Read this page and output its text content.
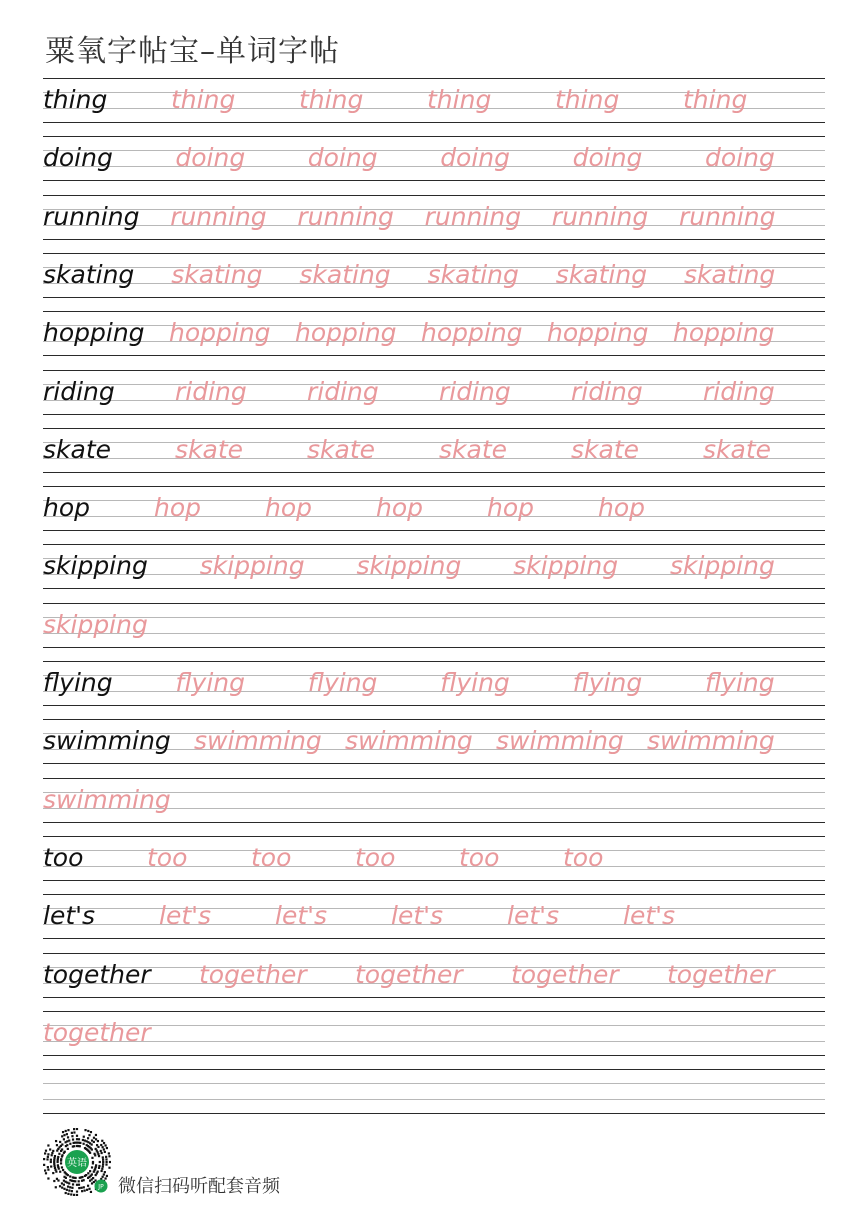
粟氧字帖宝–单词字帖
thing	thing	thing	thing	thing	thing
doing	doing	doing	doing	doing	doing
running running running running running running
skating skating skating skating skating skating
hopping hopping hopping hopping hopping hopping
riding riding riding riding riding riding
skate	skate	skate	skate	skate	skate
hop	hop	hop	hop	hop	hop
skipping skipping skipping skipping skipping
skipping
flying	flying	flying	flying	flying	flying
swimming swimming swimming swimming swimming
swimming
too	too	too	too	too	too
let's	let's	let's	let's	let's	let's
together together together together together
together
英语
JP 微信扫码听配套音频
